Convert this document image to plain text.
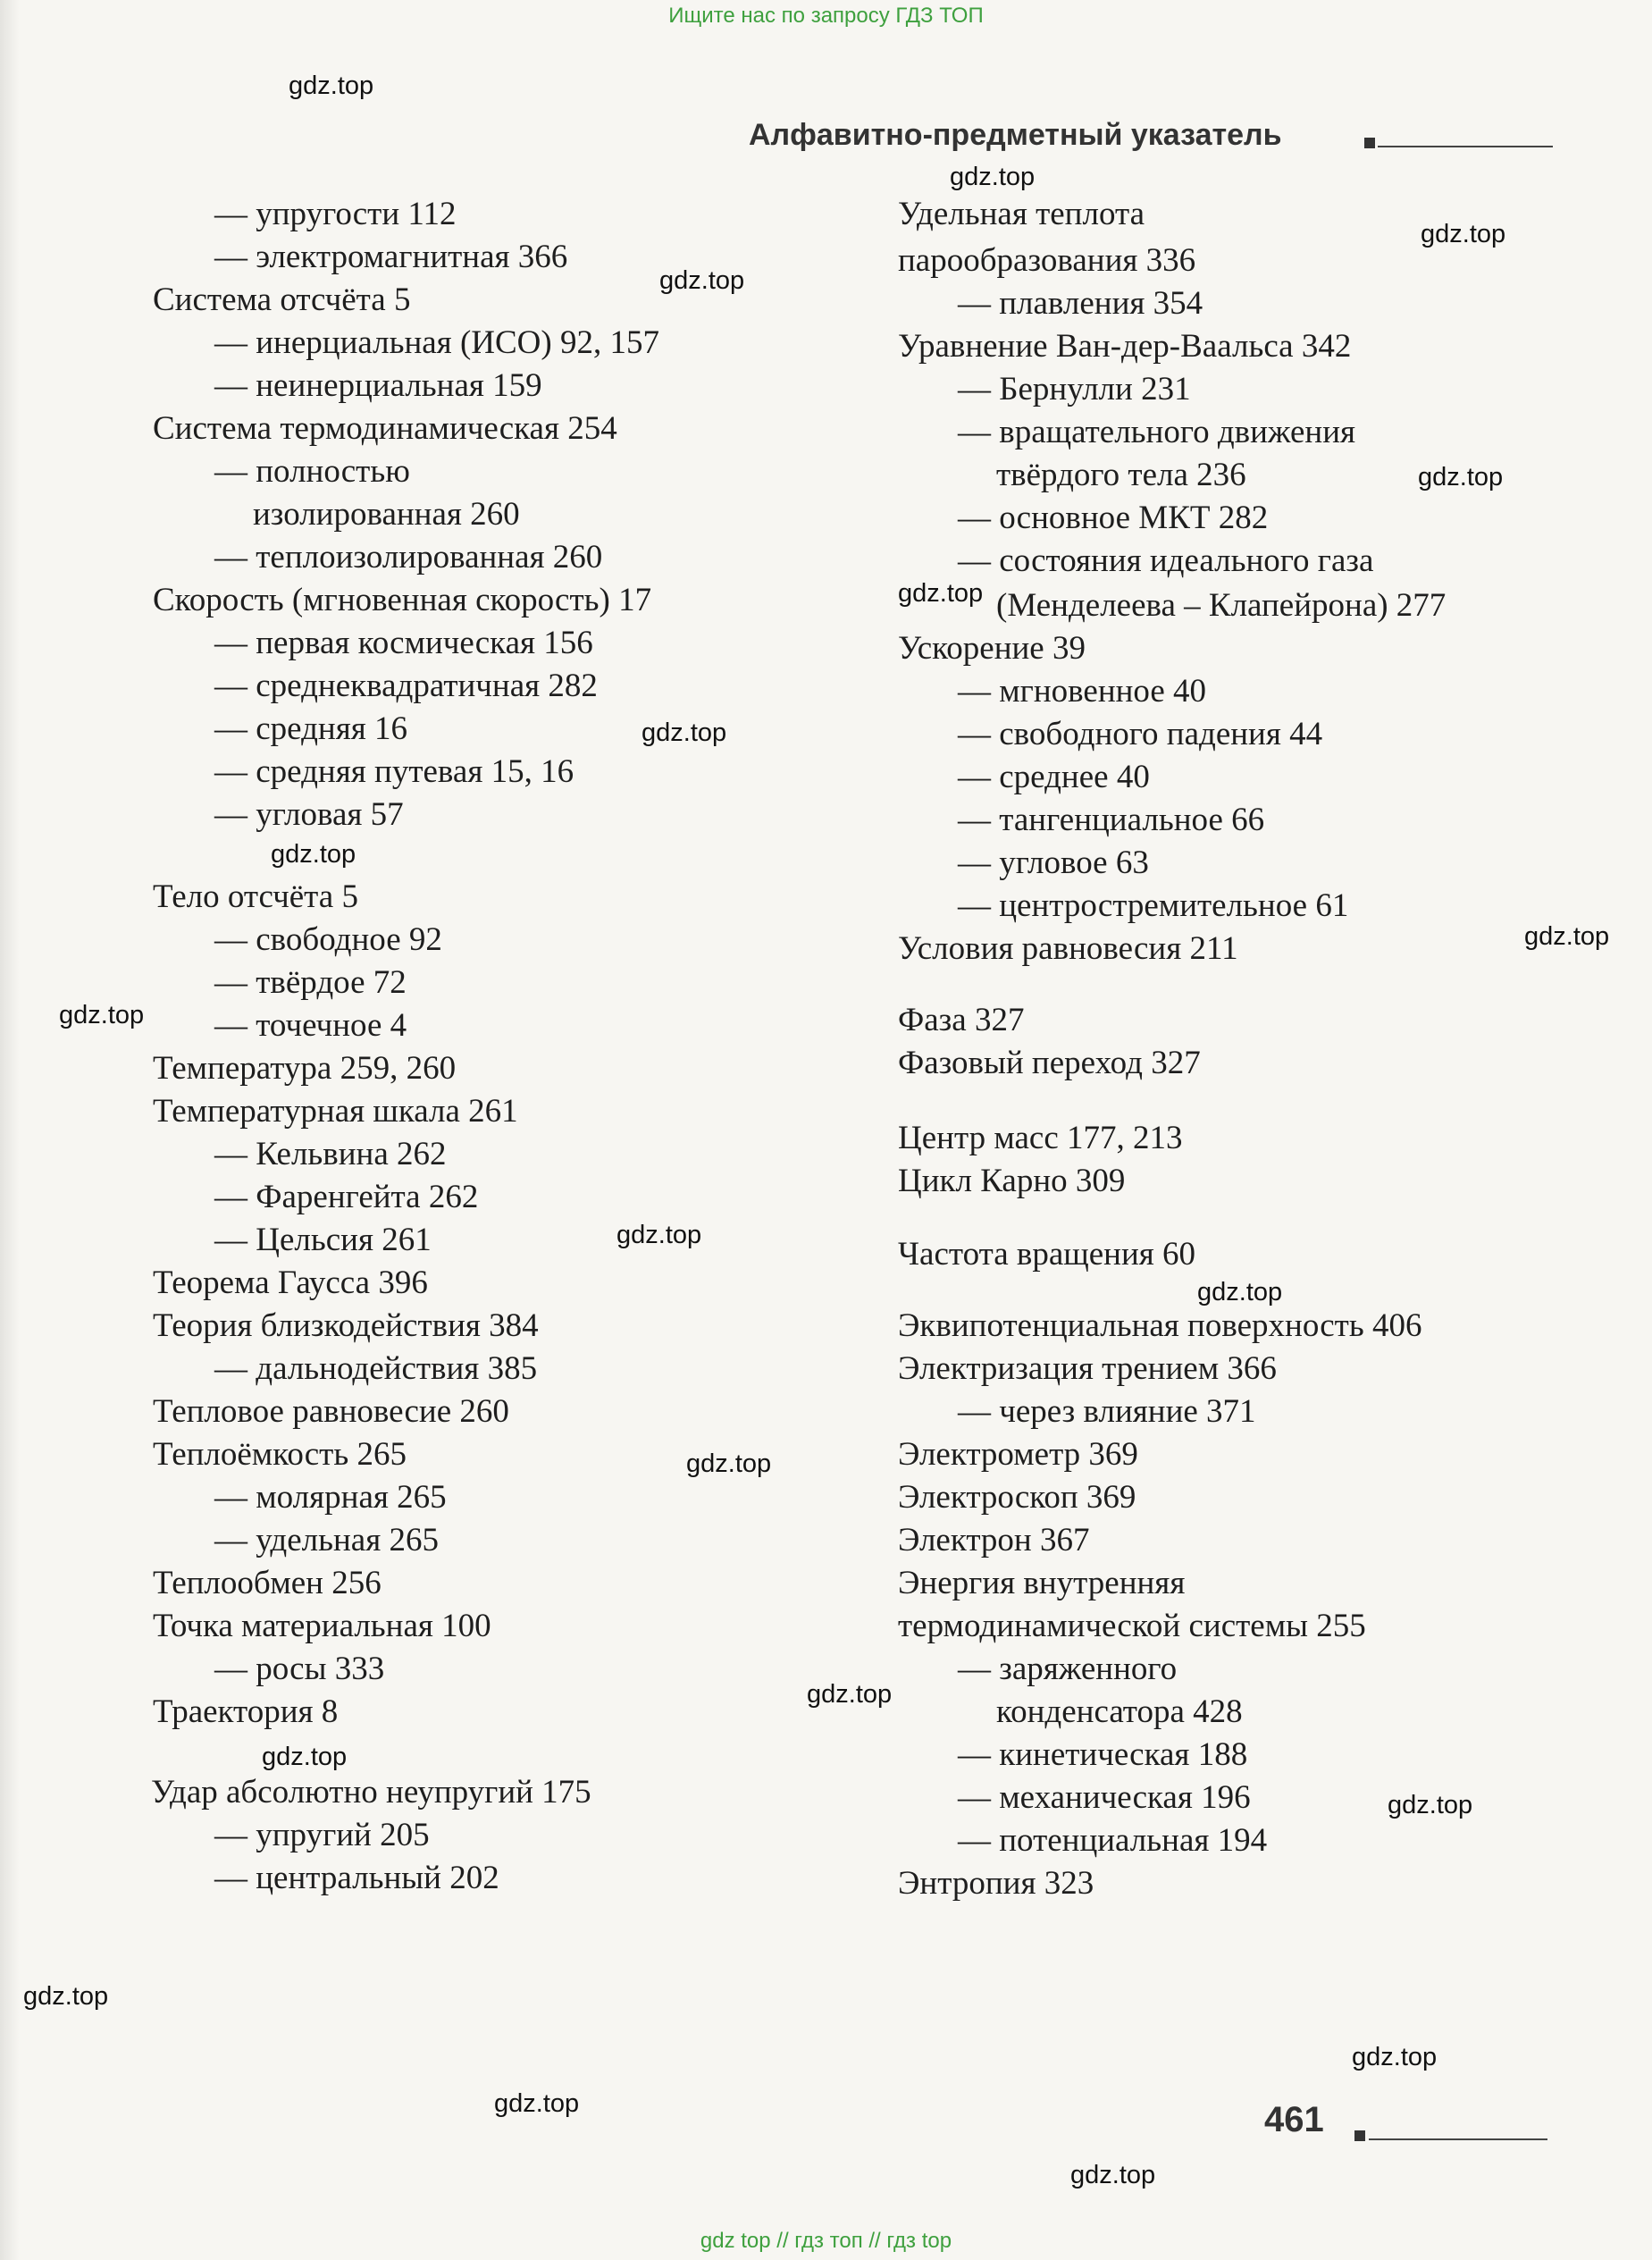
Ищите нас по запросу ГДЗ ТОП
Алфавитно-предметный указатель
— упругости 112
— электромагнитная 366
Система отсчёта 5
— инерциальная (ИСО) 92, 157
— неинерциальная 159
Система термодинамическая 254
— полностью
изолированная 260
— теплоизолированная 260
Скорость (мгновенная скорость) 17
— первая космическая 156
— среднеквадратичная 282
— средняя 16
— средняя путевая 15, 16
— угловая 57
Тело отсчёта 5
— свободное 92
— твёрдое 72
— точечное 4
Температура 259, 260
Температурная шкала 261
— Кельвина 262
— Фаренгейта 262
— Цельсия 261
Теорема Гаусса 396
Теория близкодействия 384
— дальнодействия 385
Тепловое равновесие 260
Теплоёмкость 265
— молярная 265
— удельная 265
Теплообмен 256
Точка материальная 100
— росы 333
Траектория 8
Удар абсолютно неупругий 175
— упругий 205
— центральный 202
Удельная теплота
парообразования 336
— плавления 354
Уравнение Ван-дер-Ваальса 342
— Бернулли 231
— вращательного движения
твёрдого тела 236
— основное МКТ 282
— состояния идеального газа
(Менделеева – Клапейрона) 277
Ускорение 39
— мгновенное 40
— свободного падения 44
— среднее 40
— тангенциальное 66
— угловое 63
— центростремительное 61
Условия равновесия 211
Фаза 327
Фазовый переход 327
Центр масс 177, 213
Цикл Карно 309
Частота вращения 60
Эквипотенциальная поверхность 406
Электризация трением 366
— через влияние 371
Электрометр 369
Электроскоп 369
Электрон 367
Энергия внутренняя
термодинамической системы 255
— заряженного
конденсатора 428
— кинетическая 188
— механическая 196
— потенциальная 194
Энтропия 323
gdz.top
gdz.top
gdz.top
gdz.top
gdz.top
gdz.top
gdz.top
gdz.top
gdz.top
gdz.top
gdz.top
gdz.top
gdz.top
gdz.top
gdz.top
gdz.top
gdz.top
gdz.top
gdz.top
gdz.top
461
gdz top // гдз топ // гдз top
